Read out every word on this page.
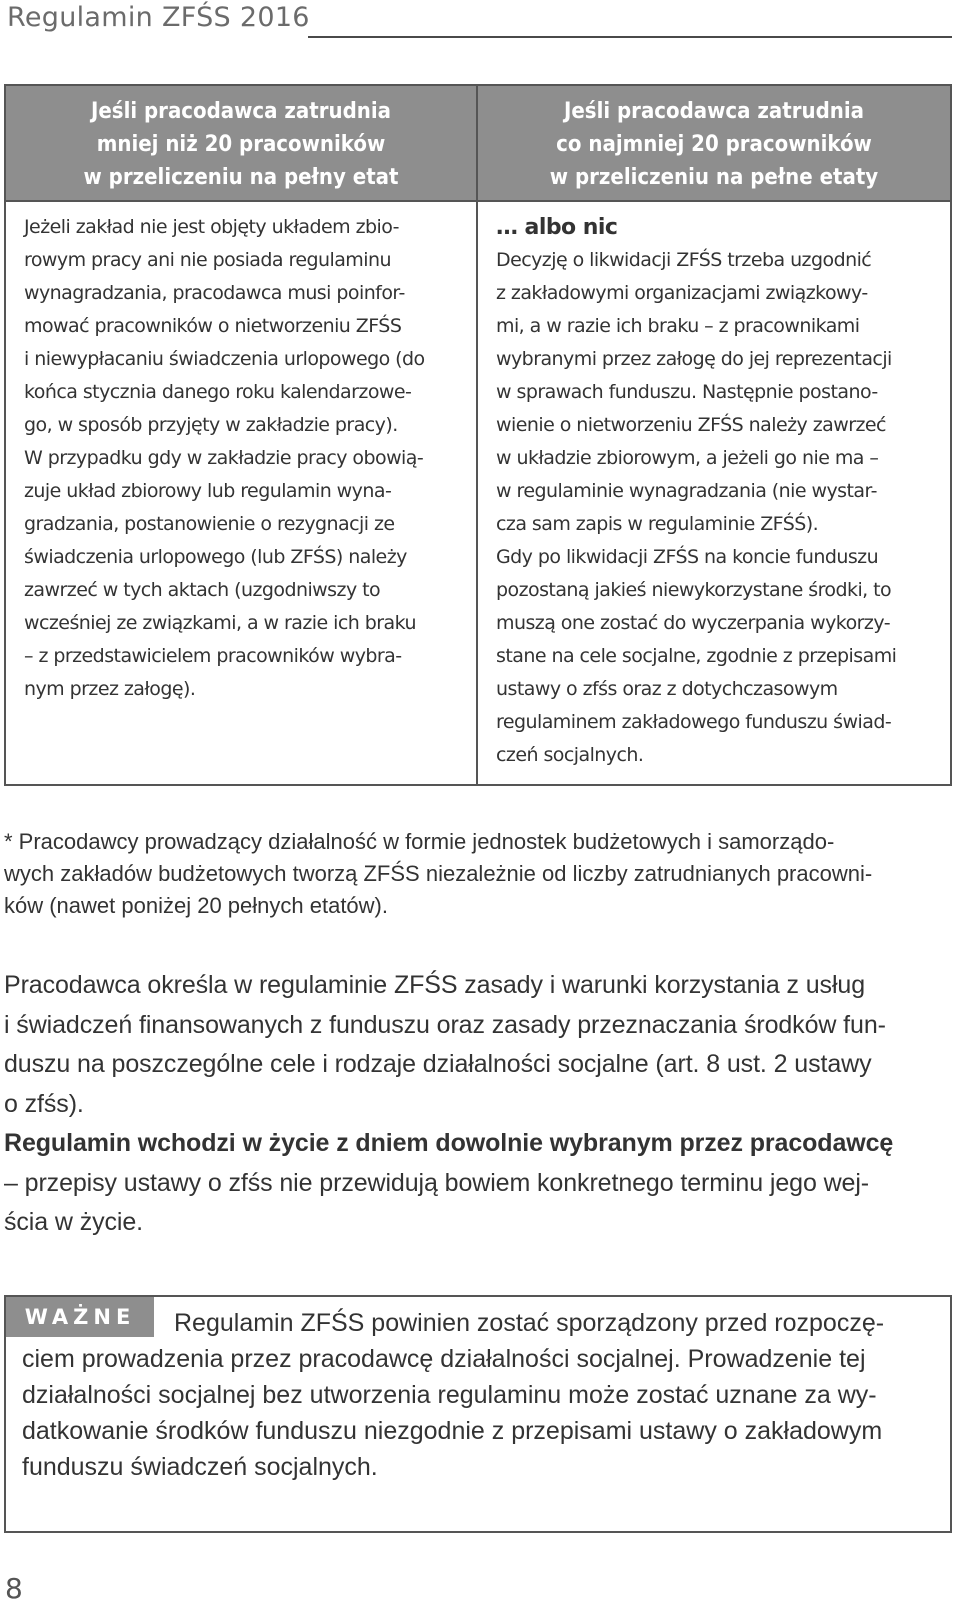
Regulamin ZFŚS 2016
Jeśli pracodawca zatrudnia
mniej niż 20 pracowników
w przeliczeniu na pełny etat
Jeżeli zakład nie jest objęty układem zbio-
rowym pracy ani nie posiada regulaminu
wynagradzania, pracodawca musi poinfor-
mować pracowników o nietworzeniu ZFŚS
i niewypłacaniu świadczenia urlopowego (do
końca stycznia danego roku kalendarzowe-
go, w sposób przyjęty w zakładzie pracy).
W przypadku gdy w zakładzie pracy obowią-
zuje układ zbiorowy lub regulamin wyna-
gradzania, postanowienie o rezygnacji ze
świadczenia urlopowego (lub ZFŚS) należy
zawrzeć w tych aktach (uzgodniwszy to
wcześniej ze związkami, a w razie ich braku
– z przedstawicielem pracowników wybra-
nym przez załogę).
Jeśli pracodawca zatrudnia
co najmniej 20 pracowników
w przeliczeniu na pełne etaty
… albo nic
Decyzję o likwidacji ZFŚS trzeba uzgodnić
z zakładowymi organizacjami związkowy-
mi, a w razie ich braku – z pracownikami
wybranymi przez załogę do jej reprezentacji
w sprawach funduszu. Następnie postano-
wienie o nietworzeniu ZFŚS należy zawrzeć
w układzie zbiorowym, a jeżeli go nie ma –
w regulaminie wynagradzania (nie wystar-
cza sam zapis w regulaminie ZFŚŚ).
Gdy po likwidacji ZFŚS na koncie funduszu
pozostaną jakieś niewykorzystane środki, to
muszą one zostać do wyczerpania wykorzy-
stane na cele socjalne, zgodnie z przepisami
ustawy o zfśs oraz z dotychczasowym
regulaminem zakładowego funduszu świad-
czeń socjalnych.
* Pracodawcy prowadzący działalność w formie jednostek budżetowych i samorządo-
wych zakładów budżetowych tworzą ZFŚS niezależnie od liczby zatrudnianych pracowni-
ków (nawet poniżej 20 pełnych etatów).
Pracodawca określa w regulaminie ZFŚS zasady i warunki korzystania z usług
i świadczeń finansowanych z funduszu oraz zasady przeznaczania środków fun-
duszu na poszczególne cele i rodzaje działalności socjalne (art. 8 ust. 2 ustawy
o zfśs).
Regulamin wchodzi w życie z dniem dowolnie wybranym przez pracodawcę
– przepisy ustawy o zfśs nie przewidują bowiem konkretnego terminu jego wej-
ścia w życie.
WAŻNE	Regulamin ZFŚS powinien zostać sporządzony przed rozpoczę-
ciem prowadzenia przez pracodawcę działalności socjalnej. Prowadzenie tej
działalności socjalnej bez utworzenia regulaminu może zostać uznane za wy-
datkowanie środków funduszu niezgodnie z przepisami ustawy o zakładowym
funduszu świadczeń socjalnych.
8
